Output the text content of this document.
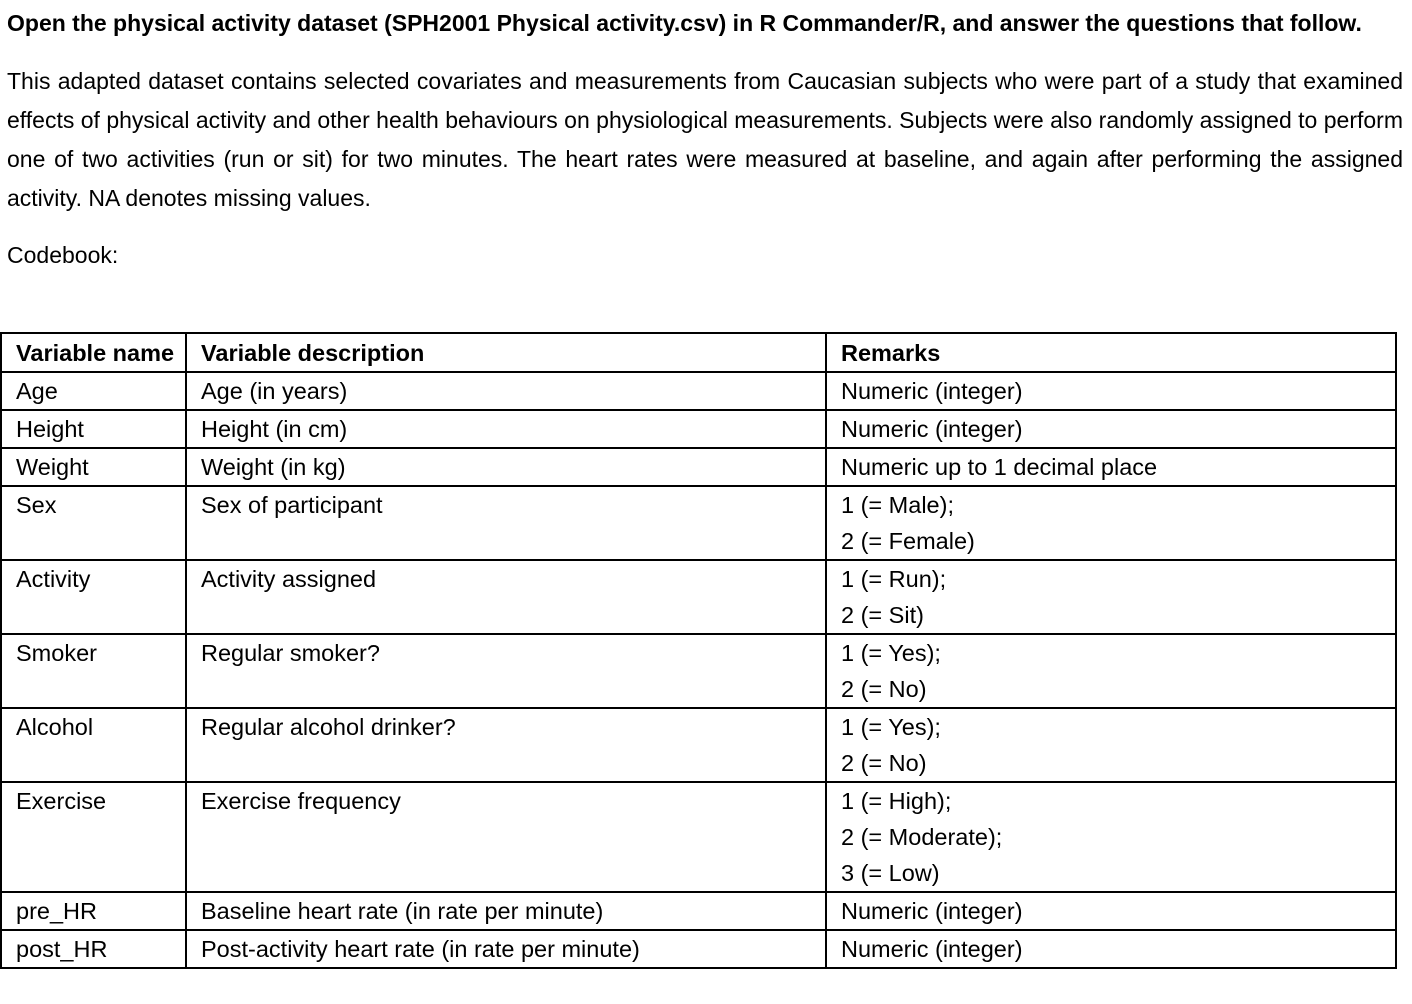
Open the physical activity dataset (SPH2001 Physical activity.csv) in R Commander/R, and answer the questions that follow.

This adapted dataset contains selected covariates and measurements from Caucasian subjects who were part of a study that examined effects of physical activity and other health behaviours on physiological measurements. Subjects were also randomly assigned to perform one of two activities (run or sit) for two minutes. The heart rates were measured at baseline, and again after performing the assigned activity. NA denotes missing values.

Codebook:

Variable name	Variable description	Remarks
Age	Age (in years)	Numeric (integer)

Height	Height (in cm)	Numeric (integer)

Weight	Weight (in kg)	Numeric up to 1 decimal place

Sex	Sex of participant	1 (= Male);
2 (= Female)

Activity	Activity assigned	1 (= Run);
2 (= Sit)

Smoker	Regular smoker?	1 (= Yes);
2 (= No)

Alcohol	Regular alcohol drinker?	1 (= Yes);
2 (= No)

Exercise	Exercise frequency	1 (= High);
2 (= Moderate);
3 (= Low)

pre_HR	Baseline heart rate (in rate per minute)	Numeric (integer)

post_HR	Post-activity heart rate (in rate per minute)	Numeric (integer)
